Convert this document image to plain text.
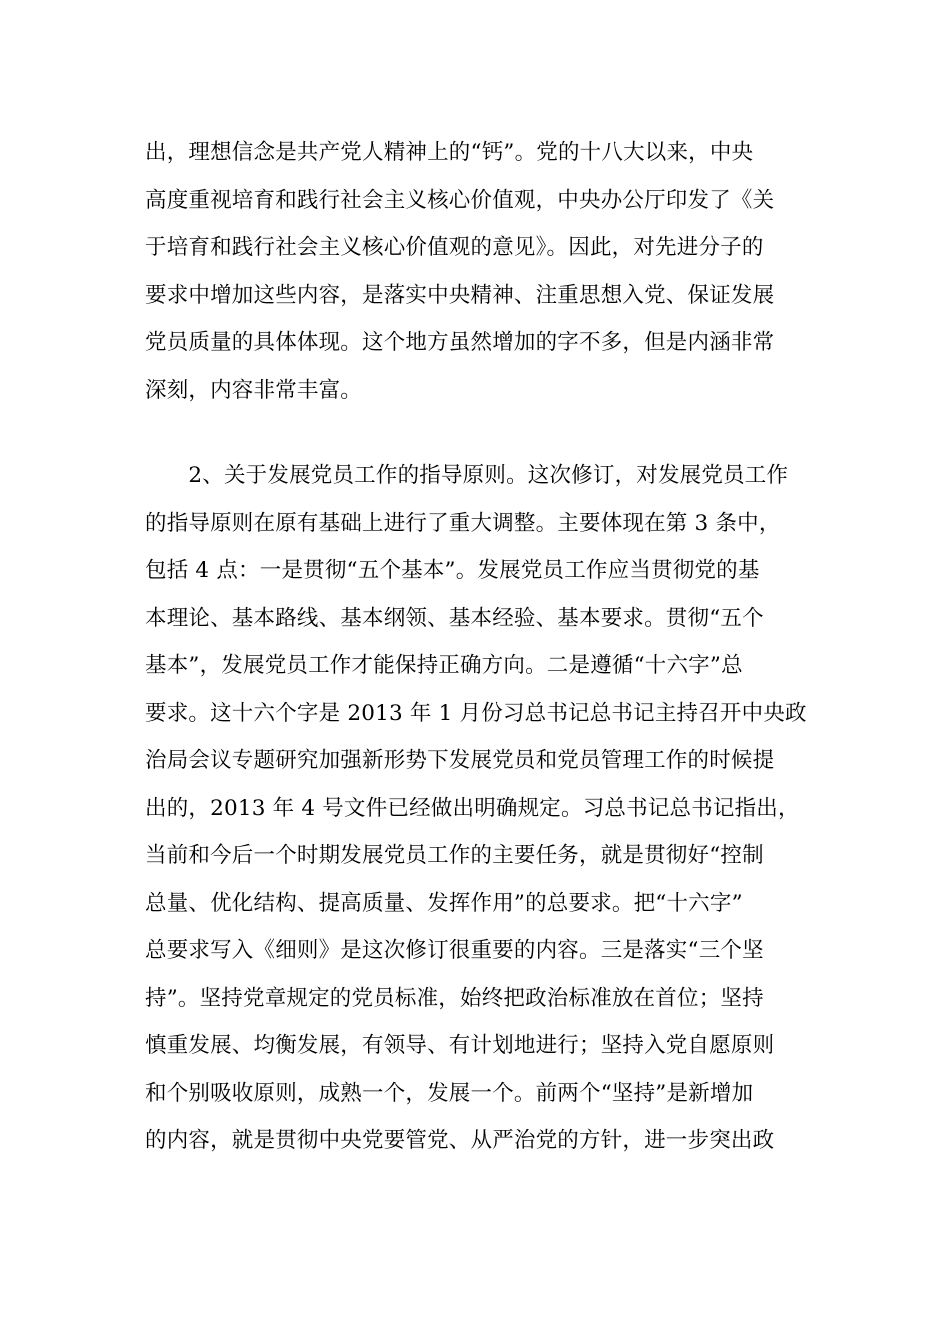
出，理想信念是共产党人精神上的“钙”。党的十八大以来，中央
高度重视培育和践行社会主义核心价值观，中央办公厅印发了《关
于培育和践行社会主义核心价值观的意见》。因此，对先进分子的
要求中增加这些内容，是落实中央精神、注重思想入党、保证发展
党员质量的具体体现。这个地方虽然增加的字不多，但是内涵非常
深刻，内容非常丰富。
　　2、关于发展党员工作的指导原则。这次修订，对发展党员工作
的指导原则在原有基础上进行了重大调整。主要体现在第 3 条中，
包括 4 点：一是贯彻“五个基本”。发展党员工作应当贯彻党的基
本理论、基本路线、基本纲领、基本经验、基本要求。贯彻“五个
基本”，发展党员工作才能保持正确方向。二是遵循“十六字”总
要求。这十六个字是 2013 年 1 月份习总书记总书记主持召开中央政
治局会议专题研究加强新形势下发展党员和党员管理工作的时候提
出的，2013 年 4 号文件已经做出明确规定。习总书记总书记指出，
当前和今后一个时期发展党员工作的主要任务，就是贯彻好“控制
总量、优化结构、提高质量、发挥作用”的总要求。把“十六字”
总要求写入《细则》是这次修订很重要的内容。三是落实“三个坚
持”。坚持党章规定的党员标准，始终把政治标准放在首位；坚持
慎重发展、均衡发展，有领导、有计划地进行；坚持入党自愿原则
和个别吸收原则，成熟一个，发展一个。前两个“坚持”是新增加
的内容，就是贯彻中央党要管党、从严治党的方针，进一步突出政
